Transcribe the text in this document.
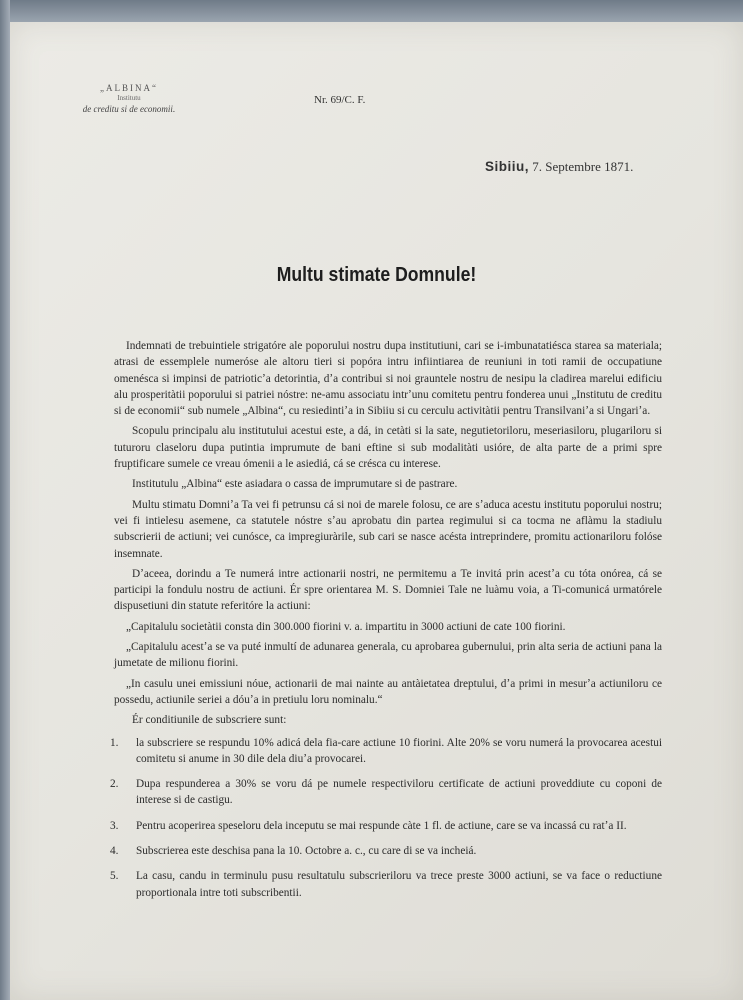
„ALBINA“
Institutu
de creditu si de economii.
Nr. 69/C. F.
Sibiiu, 7. Septembre 1871.
Multu stimate Domnule!

Indemnati de trebuintiele strigatóre ale poporului nostru dupa institutiuni, cari se i-imbunatatiésca starea sa materiala; atrasi de essemplele numeróse ale altoru tieri si popóra intru infiintiarea de reuniuni in toti ramii de occupatiune omenésca si impinsi de patrioticʼa detorintia, dʼa contribui si noi grauntele nostru de nesipu la cladirea marelui edificiu alu prosperitàtii poporului si patriei nóstre: ne-amu associatu intrʼunu comitetu pentru fonderea unui „Institutu de creditu si de economii“ sub numele „Albina“, cu resiedintiʼa in Sibiiu si cu cerculu activitàtii pentru Transilvaniʼa si Ungariʼa.

Scopulu principalu alu institutului acestui este, a dá, in cetàti si la sate, negutietoriloru, meseriasiloru, plugariloru si tuturoru claseloru dupa putintia imprumute de bani eftine si sub modalitàti usióre, de alta parte de a primi spre fruptificare sumele ce vreau ómenii a le asiediá, cá se crésca cu interese.

Institutulu „Albina“ este asiadara o cassa de imprumutare si de pastrare.

Multu stimatu Domniʼa Ta vei fi petrunsu cá si noi de marele folosu, ce are sʼaduca acestu institutu poporului nostru; vei fi intielesu asemene, ca statutele nóstre sʼau aprobatu din partea regimului si ca tocma ne aflàmu la stadiulu subscrierii de actiuni; vei cunósce, ca impregiuràrile, sub cari se nasce acésta intreprindere, promitu actionariloru folóse insemnate.

Dʼaceea, dorindu a Te numerá intre actionarii nostri, ne permitemu a Te invitá prin acestʼa cu tóta onórea, cá se participi la fondulu nostru de actiuni. Ér spre orientarea M. S. Domniei Tale ne luàmu voia, a Ti-comunicá urmatórele dispusetiuni din statute referitóre la actiuni:

„Capitalulu societàtii consta din 300.000 fiorini v. a. impartitu in 3000 actiuni de cate 100 fiorini.

„Capitalulu acestʼa se va puté inmultí de adunarea generala, cu aprobarea gubernului, prin alta seria de actiuni pana la jumetate de milionu fiorini.

„In casulu unei emissiuni nóue, actionarii de mai nainte au antàietatea dreptului, dʼa primi in mesurʼa actiuniloru ce possedu, actiunile seriei a dóuʼa in pretiulu loru nominalu.“

Ér conditiunile de subscriere sunt:

1. la subscriere se respundu 10% adicá dela fia-care actiune 10 fiorini. Alte 20% se voru numerá la provocarea acestui comitetu si anume in 30 dile dela diuʼa provocarei.
2. Dupa respunderea a 30% se voru dá pe numele respectiviloru certificate de actiuni proveddiute cu coponi de interese si de castigu.
3. Pentru acoperirea speseloru dela inceputu se mai respunde càte 1 fl. de actiune, care se va incassá cu ratʼa II.
4. Subscrierea este deschisa pana la 10. Octobre a. c., cu care di se va incheiá.
5. La casu, candu in terminulu pusu resultatulu subscrieriloru va trece preste 3000 actiuni, se va face o reductiune proportionala intre toti subscribentii.
